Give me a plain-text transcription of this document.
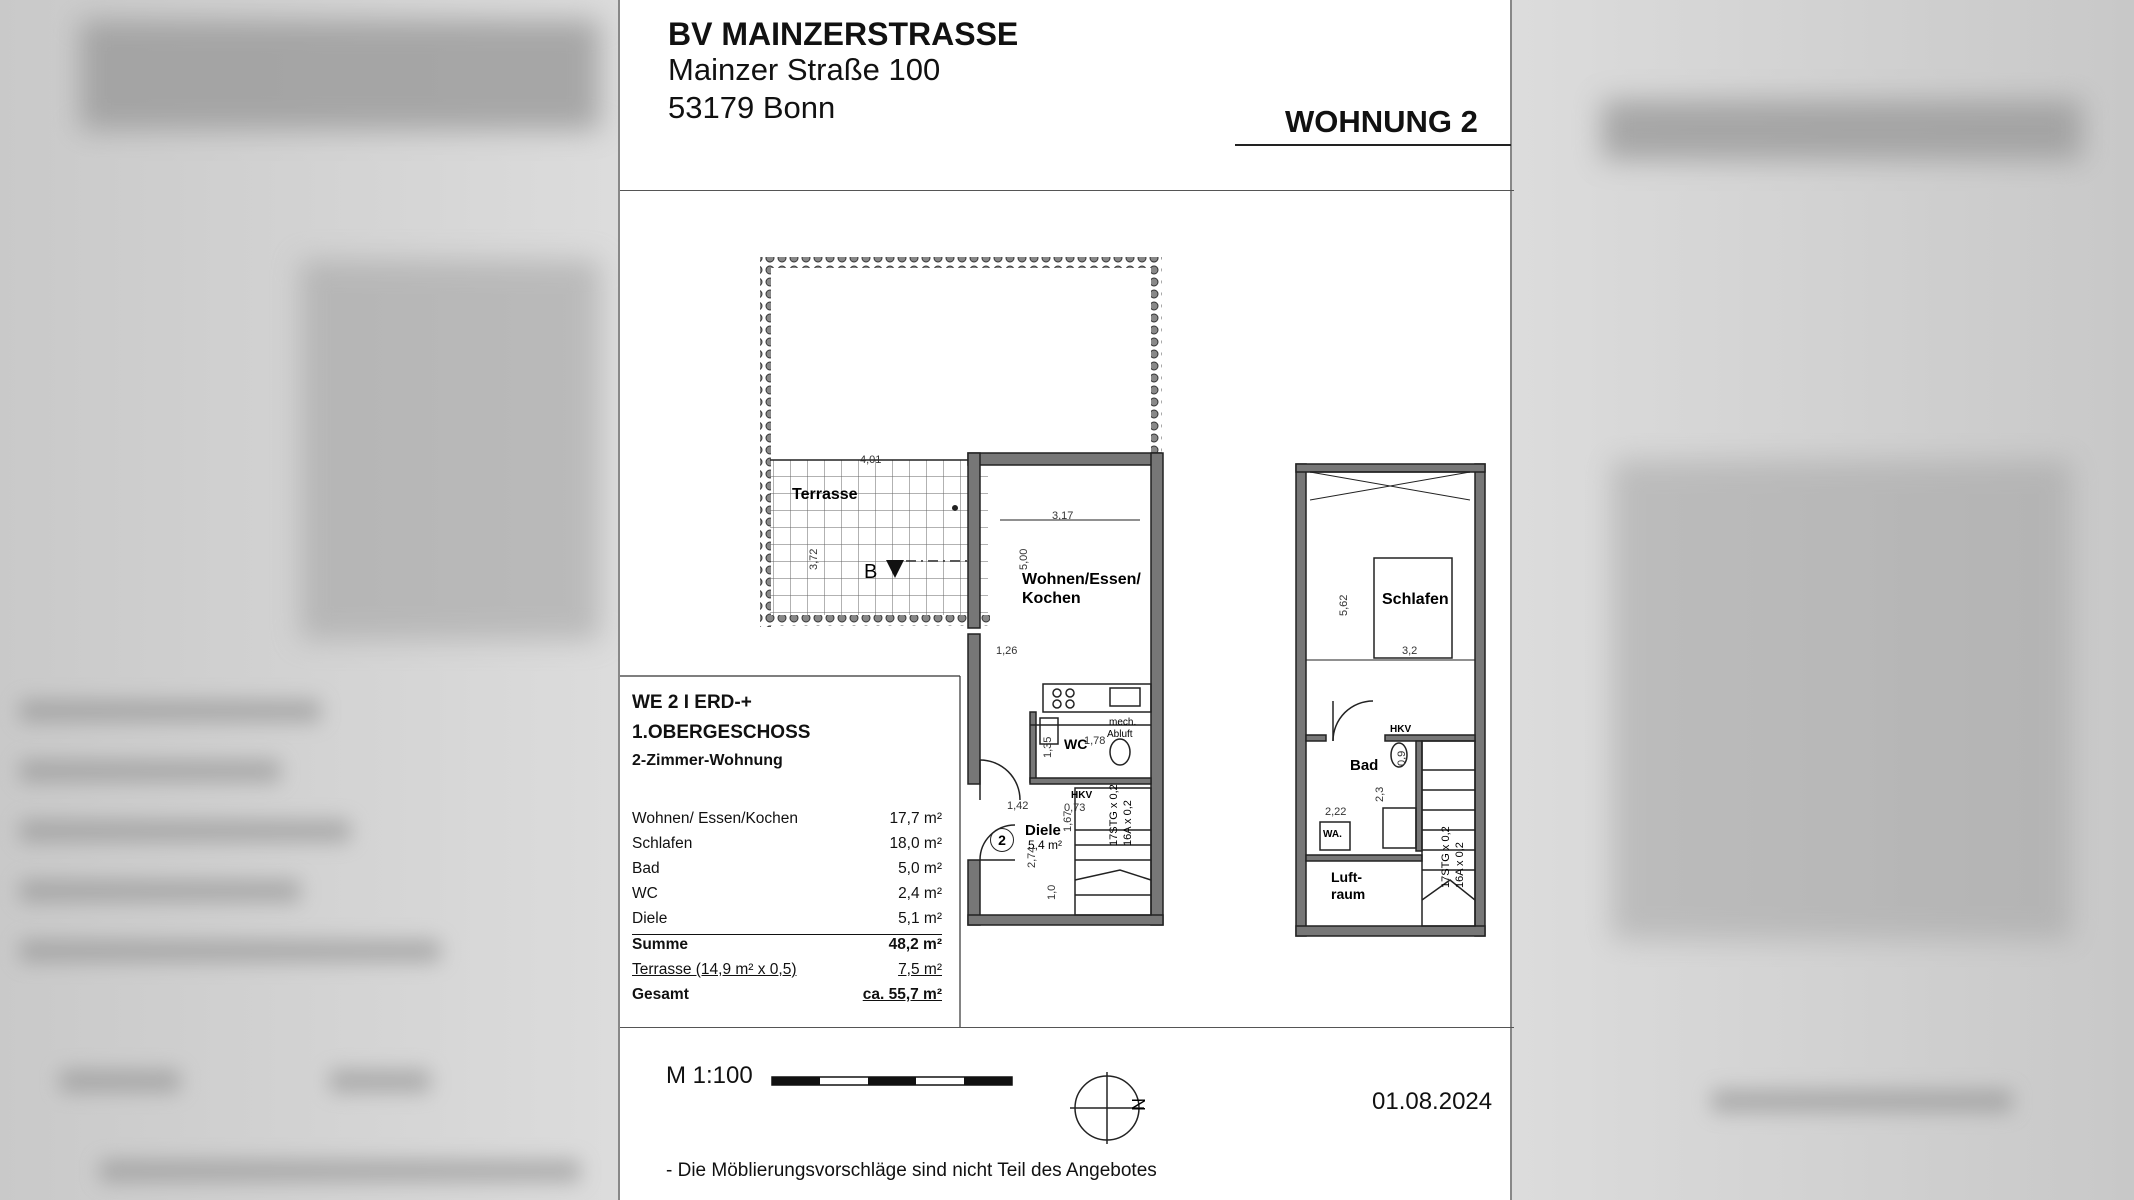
BV MAINZERSTRASSE
Mainzer Straße 100
53179 Bonn	WOHNUNG 2
Terrasse
B	Wohnen/Essen/
Kochen
WC
mech.
Abluft
Diele
5,4 m²
2
HKV 17STG x 0,2 16A x 0,2
Schlafen
Bad
HKV
WA.
Luft-
raum
17STG x 0,2 16A x 0,2
4,01
3,17
5,00
3,72
1,26
1,35	1,78
1,42	0,73
1,67
2,74
1,0
5,62
3,2
2,22
2,3
0,9
WE 2 I ERD-+
1.OBERGESCHOSS
2-Zimmer-Wohnung
Wohnen/ Essen/Kochen	17,7 m²
Schlafen	18,0 m²
Bad	5,0 m²
WC	2,4 m²
Diele	5,1 m²
Summe	48,2 m²
Terrasse (14,9 m² x 0,5)	7,5 m²
Gesamt	ca. 55,7 m²
M 1:100
N	01.08.2024
- Die Möblierungsvorschläge sind nicht Teil des Angebotes
